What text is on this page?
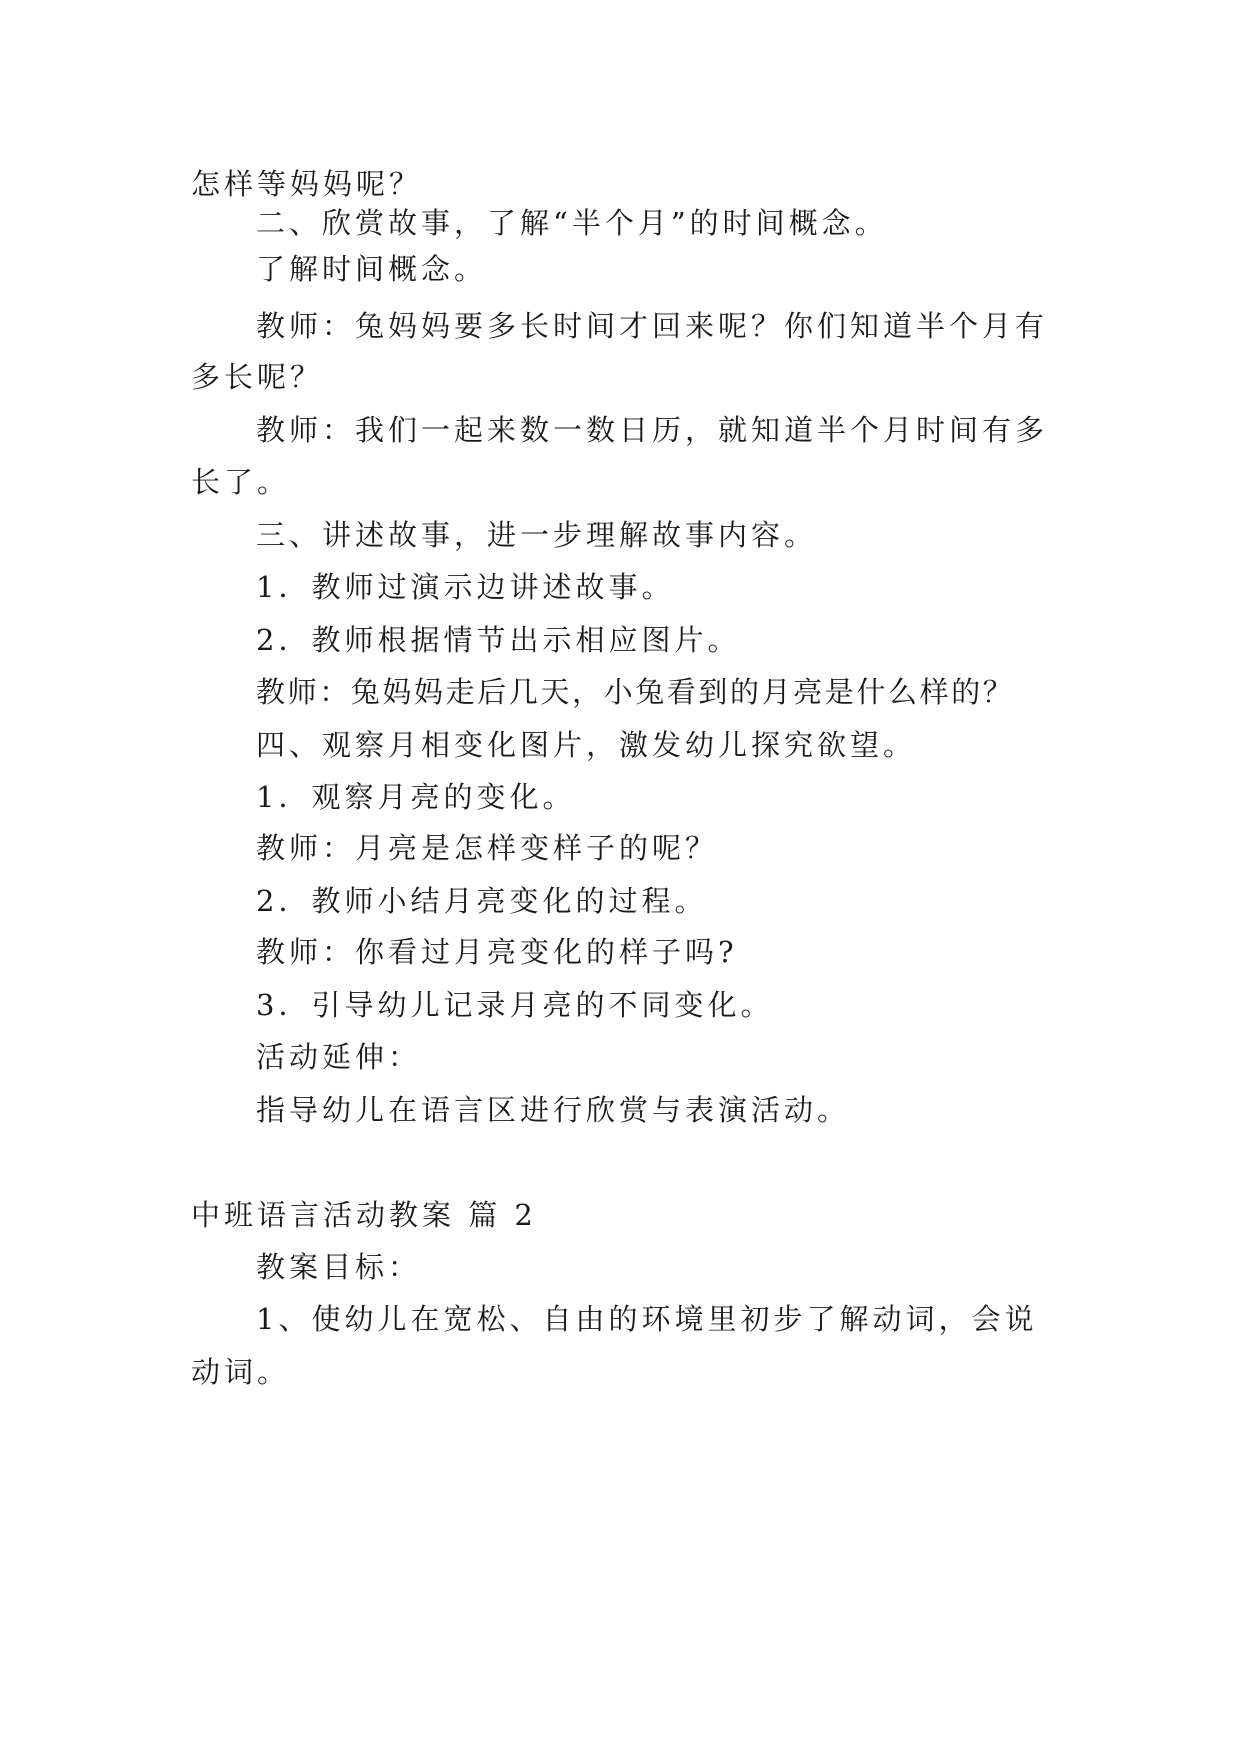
怎样等妈妈呢？
二、欣赏故事，了解“半个月”的时间概念。
了解时间概念。
教师：兔妈妈要多长时间才回来呢？你们知道半个月有
多长呢？
教师：我们一起来数一数日历，就知道半个月时间有多
长了。
三、讲述故事，进一步理解故事内容。
1．教师过演示边讲述故事。
2．教师根据情节出示相应图片。
教师：兔妈妈走后几天，小兔看到的月亮是什么样的？
四、观察月相变化图片，激发幼儿探究欲望。
1．观察月亮的变化。
教师：月亮是怎样变样子的呢？
2．教师小结月亮变化的过程。
教师：你看过月亮变化的样子吗?
3．引导幼儿记录月亮的不同变化。
活动延伸：
指导幼儿在语言区进行欣赏与表演活动。
中班语言活动教案 篇 2
教案目标：
1、使幼儿在宽松、自由的环境里初步了解动词，会说
动词。
